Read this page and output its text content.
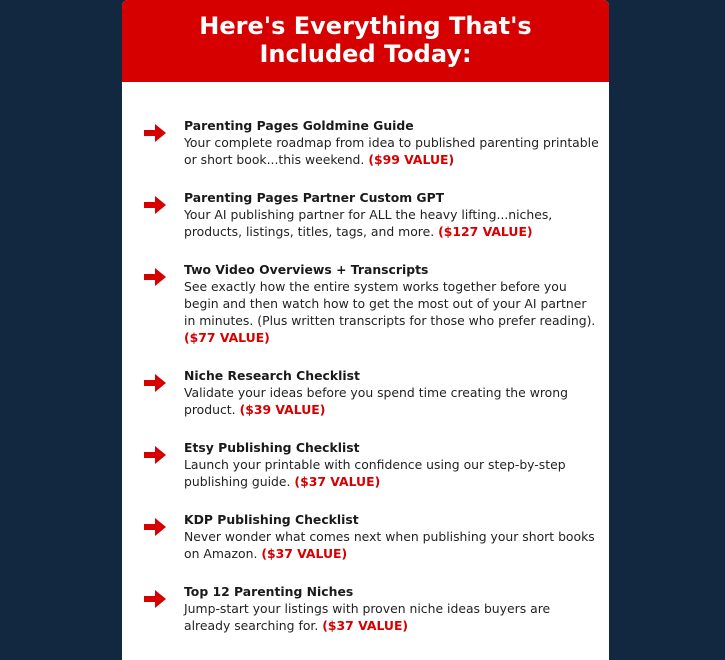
Here's Everything That's Included Today:
Parenting Pages Goldmine Guide
Your complete roadmap from idea to published parenting printable or short book...this weekend. ($99 VALUE)
Parenting Pages Partner Custom GPT
Your AI publishing partner for ALL the heavy lifting...niches, products, listings, titles, tags, and more. ($127 VALUE)
Two Video Overviews + Transcripts
See exactly how the entire system works together before you begin and then watch how to get the most out of your AI partner in minutes. (Plus written transcripts for those who prefer reading). ($77 VALUE)
Niche Research Checklist
Validate your ideas before you spend time creating the wrong product. ($39 VALUE)
Etsy Publishing Checklist
Launch your printable with confidence using our step-by-step publishing guide. ($37 VALUE)
KDP Publishing Checklist
Never wonder what comes next when publishing your short books on Amazon. ($37 VALUE)
Top 12 Parenting Niches
Jump-start your listings with proven niche ideas buyers are already searching for. ($37 VALUE)
